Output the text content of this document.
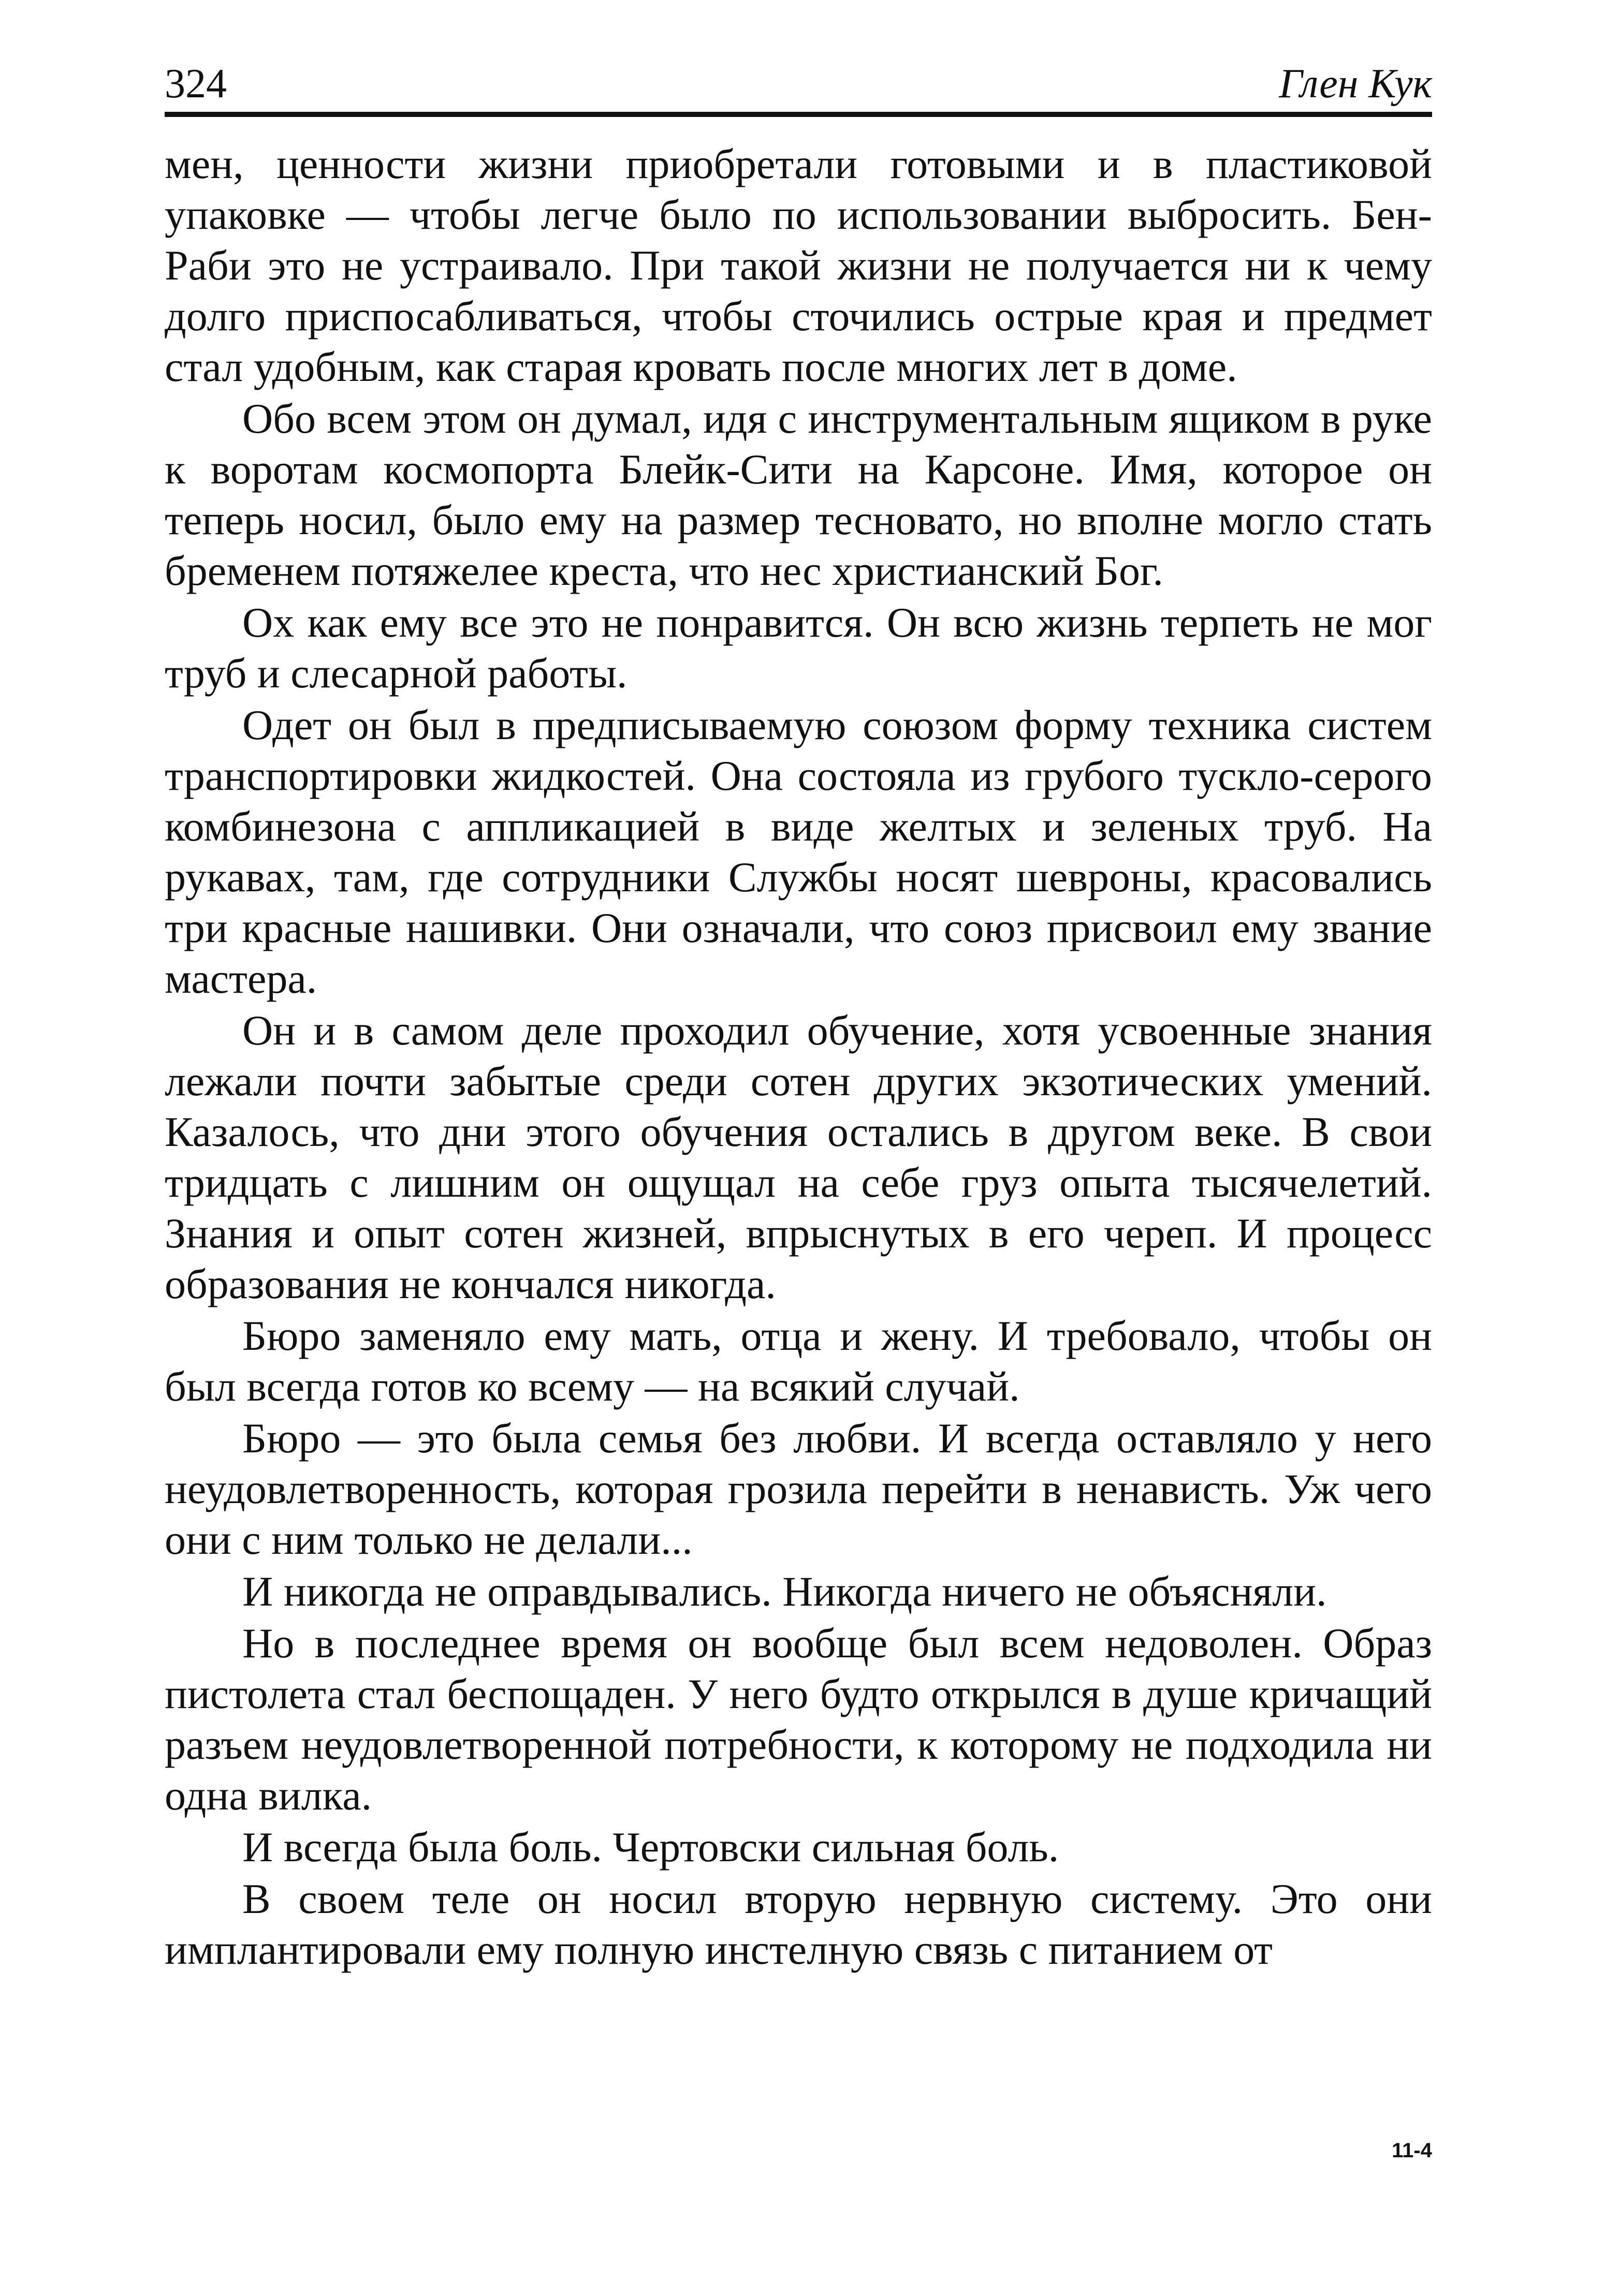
324	Глен Кук

мен, ценности жизни приобретали готовыми и в пластиковой упаковке — чтобы легче было по использовании выбросить. Бен-Раби это не устраивало. При такой жизни не получается ни к чему долго приспосабливаться, чтобы сточились острые края и предмет стал удобным, как старая кровать после многих лет в доме.

Обо всем этом он думал, идя с инструментальным ящиком в руке к воротам космопорта Блейк-Сити на Карсоне. Имя, которое он теперь носил, было ему на размер тесновато, но вполне могло стать бременем потяжелее креста, что нес христианский Бог.

Ох как ему все это не понравится. Он всю жизнь терпеть не мог труб и слесарной работы.

Одет он был в предписываемую союзом форму техника систем транспортировки жидкостей. Она состояла из грубого тускло-серого комбинезона с аппликацией в виде желтых и зеленых труб. На рукавах, там, где сотрудники Службы носят шевроны, красовались три красные нашивки. Они означали, что союз присвоил ему звание мастера.

Он и в самом деле проходил обучение, хотя усвоенные знания лежали почти забытые среди сотен других экзотических умений. Казалось, что дни этого обучения остались в другом веке. В свои тридцать с лишним он ощущал на себе груз опыта тысячелетий. Знания и опыт сотен жизней, впрыснутых в его череп. И процесс образования не кончался никогда.

Бюро заменяло ему мать, отца и жену. И требовало, чтобы он был всегда готов ко всему — на всякий случай.

Бюро — это была семья без любви. И всегда оставляло у него неудовлетворенность, которая грозила перейти в ненависть. Уж чего они с ним только не делали...

И никогда не оправдывались. Никогда ничего не объясняли.

Но в последнее время он вообще был всем недоволен. Образ пистолета стал беспощаден. У него будто открылся в душе кричащий разъем неудовлетворенной потребности, к которому не подходила ни одна вилка.

И всегда была боль. Чертовски сильная боль.

В своем теле он носил вторую нервную систему. Это они имплантировали ему полную инстелную связь с питанием от

11-4
